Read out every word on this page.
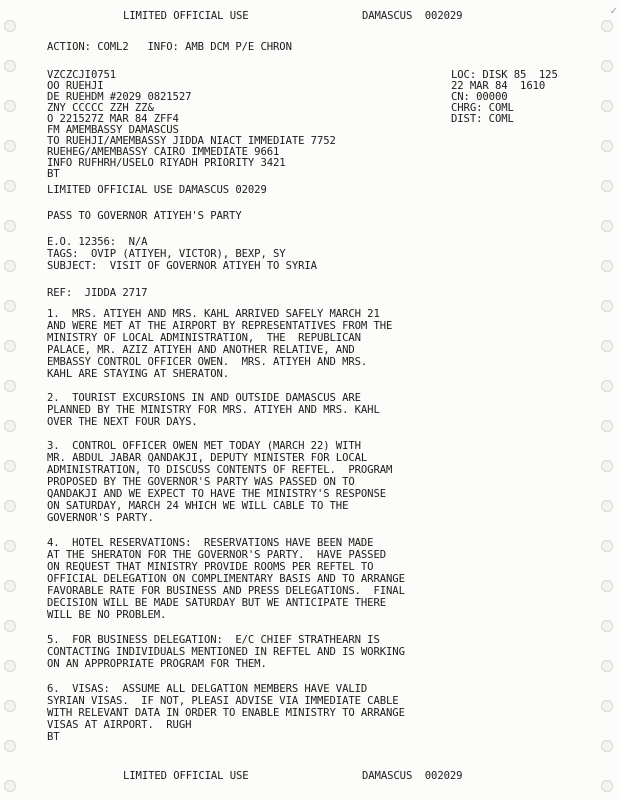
✓
LIMITED OFFICIAL USE	DAMASCUS  002029
ACTION: COML2   INFO: AMB DCM P/E CHRON
VZCZCJI0751
OO RUEHJI
DE RUEHDM #2029 0821527
ZNY CCCCC ZZH ZZ&
O 221527Z MAR 84 ZFF4
FM AMEMBASSY DAMASCUS
TO RUEHJI/AMEMBASSY JIDDA NIACT IMMEDIATE 7752
RUEHEG/AMEMBASSY CAIRO IMMEDIATE 9661
INFO RUFHRH/USELO RIYADH PRIORITY 3421
BT
LOC: DISK 85  125
22 MAR 84  1610
CN: 00000
CHRG: COML
DIST: COML
LIMITED OFFICIAL USE DAMASCUS 02029
PASS TO GOVERNOR ATIYEH'S PARTY
E.O. 12356:  N/A
TAGS:  OVIP (ATIYEH, VICTOR), BEXP, SY
SUBJECT:  VISIT OF GOVERNOR ATIYEH TO SYRIA
REF:  JIDDA 2717
1.  MRS. ATIYEH AND MRS. KAHL ARRIVED SAFELY MARCH 21
AND WERE MET AT THE AIRPORT BY REPRESENTATIVES FROM THE
MINISTRY OF LOCAL ADMINISTRATION,  THE  REPUBLICAN
PALACE, MR. AZIZ ATIYEH AND ANOTHER RELATIVE, AND
EMBASSY CONTROL OFFICER OWEN.  MRS. ATIYEH AND MRS.
KAHL ARE STAYING AT SHERATON.
2.  TOURIST EXCURSIONS IN AND OUTSIDE DAMASCUS ARE
PLANNED BY THE MINISTRY FOR MRS. ATIYEH AND MRS. KAHL
OVER THE NEXT FOUR DAYS.
3.  CONTROL OFFICER OWEN MET TODAY (MARCH 22) WITH
MR. ABDUL JABAR QANDAKJI, DEPUTY MINISTER FOR LOCAL
ADMINISTRATION, TO DISCUSS CONTENTS OF REFTEL.  PROGRAM
PROPOSED BY THE GOVERNOR'S PARTY WAS PASSED ON TO
QANDAKJI AND WE EXPECT TO HAVE THE MINISTRY'S RESPONSE
ON SATURDAY, MARCH 24 WHICH WE WILL CABLE TO THE
GOVERNOR'S PARTY.
4.  HOTEL RESERVATIONS:  RESERVATIONS HAVE BEEN MADE
AT THE SHERATON FOR THE GOVERNOR'S PARTY.  HAVE PASSED
ON REQUEST THAT MINISTRY PROVIDE ROOMS PER REFTEL TO
OFFICIAL DELEGATION ON COMPLIMENTARY BASIS AND TO ARRANGE
FAVORABLE RATE FOR BUSINESS AND PRESS DELEGATIONS.  FINAL
DECISION WILL BE MADE SATURDAY BUT WE ANTICIPATE THERE
WILL BE NO PROBLEM.
5.  FOR BUSINESS DELEGATION:  E/C CHIEF STRATHEARN IS
CONTACTING INDIVIDUALS MENTIONED IN REFTEL AND IS WORKING
ON AN APPROPRIATE PROGRAM FOR THEM.
6.  VISAS:  ASSUME ALL DELGATION MEMBERS HAVE VALID
SYRIAN VISAS.  IF NOT, PLEASI ADVISE VIA IMMEDIATE CABLE
WITH RELEVANT DATA IN ORDER TO ENABLE MINISTRY TO ARRANGE
VISAS AT AIRPORT.  RUGH
BT
LIMITED OFFICIAL USE	DAMASCUS  002029
